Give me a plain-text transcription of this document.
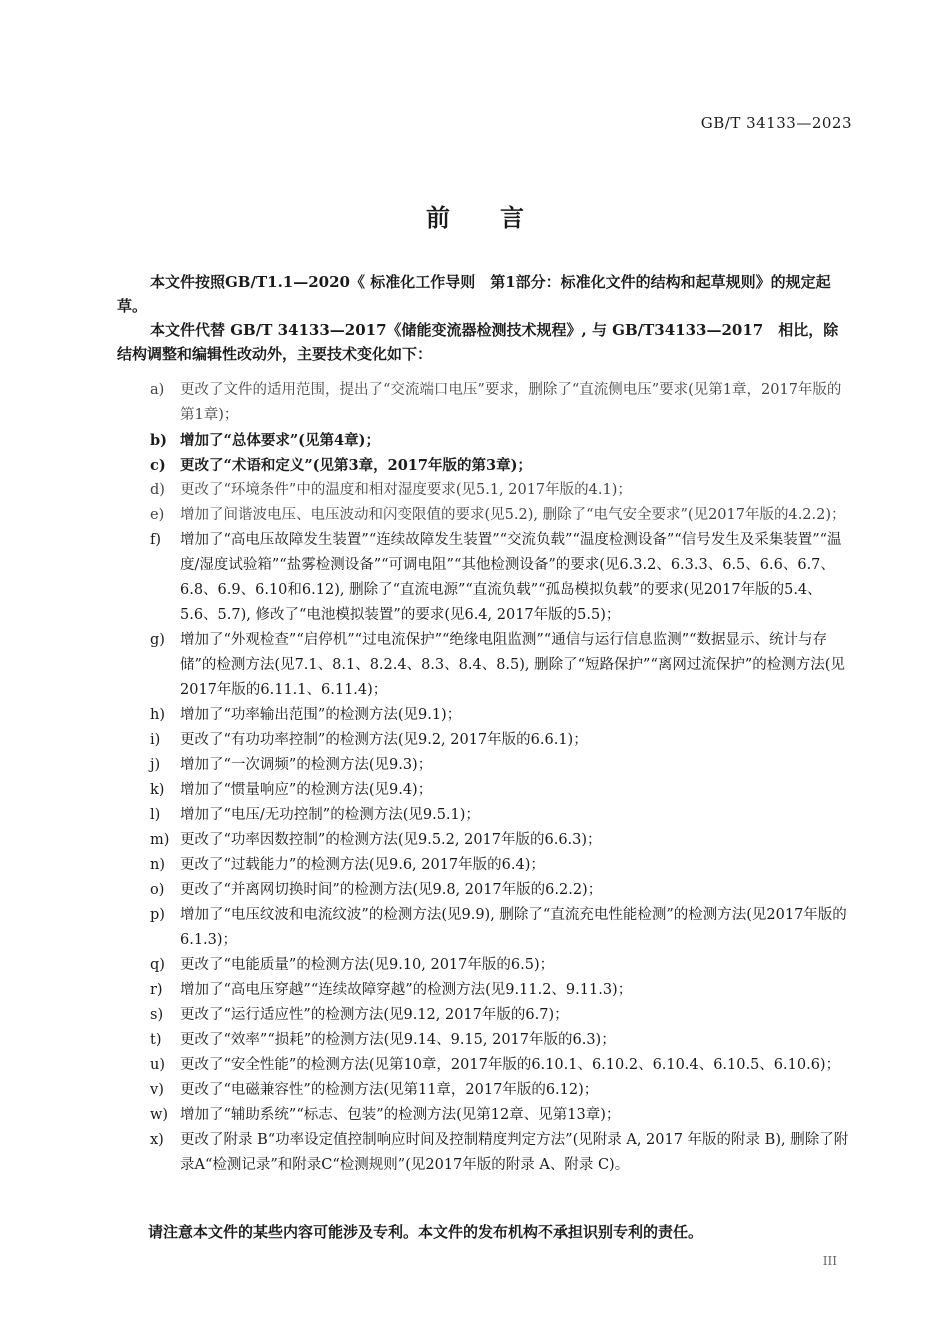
GB/T 34133—2023
前言

本文件按照GB/T1.1—2020《 标准化工作导则　第1部分：标准化文件的结构和起草规则》的规定起草。

本文件代替 GB/T 34133—2017《储能变流器检测技术规程》, 与 GB/T34133—2017　相比，除结构调整和编辑性改动外，主要技术变化如下：

a) 更改了文件的适用范围，提出了“交流端口电压”要求，删除了“直流侧电压”要求(见第1章，2017年版的第1章)；
b) 增加了“总体要求”(见第4章)；
c) 更改了“术语和定义”(见第3章，2017年版的第3章)；
d) 更改了“环境条件”中的温度和相对湿度要求(见5.1, 2017年版的4.1)；
e) 增加了间谐波电压、电压波动和闪变限值的要求(见5.2), 删除了“电气安全要求”(见2017年版的4.2.2)；
f) 增加了“高电压故障发生装置”“连续故障发生装置”“交流负载”“温度检测设备”“信号发生及采集装置”“温度/湿度试验箱”“盐雾检测设备”“可调电阻”“其他检测设备”的要求(见6.3.2、6.3.3、6.5、6.6、6.7、6.8、6.9、6.10和6.12), 删除了“直流电源”“直流负载”“孤岛模拟负载”的要求(见2017年版的5.4、5.6、5.7), 修改了“电池模拟装置”的要求(见6.4, 2017年版的5.5)；
g) 增加了“外观检查”“启停机”“过电流保护”“绝缘电阻监测”“通信与运行信息监测”“数据显示、统计与存储”的检测方法(见7.1、8.1、8.2.4、8.3、8.4、8.5), 删除了“短路保护”“离网过流保护”的检测方法(见2017年版的6.11.1、6.11.4)；
h) 增加了“功率输出范围”的检测方法(见9.1)；
i) 更改了“有功功率控制”的检测方法(见9.2, 2017年版的6.6.1)；
j) 增加了“一次调频”的检测方法(见9.3)；
k) 增加了“惯量响应”的检测方法(见9.4)；
l) 增加了“电压/无功控制”的检测方法(见9.5.1)；
m) 更改了“功率因数控制”的检测方法(见9.5.2, 2017年版的6.6.3)；
n) 更改了“过载能力”的检测方法(见9.6, 2017年版的6.4)；
o) 更改了“并离网切换时间”的检测方法(见9.8, 2017年版的6.2.2)；
p) 增加了“电压纹波和电流纹波”的检测方法(见9.9), 删除了“直流充电性能检测”的检测方法(见2017年版的6.1.3)；
q) 更改了“电能质量”的检测方法(见9.10, 2017年版的6.5)；
r) 增加了“高电压穿越”“连续故障穿越”的检测方法(见9.11.2、9.11.3)；
s) 更改了“运行适应性”的检测方法(见9.12, 2017年版的6.7)；
t) 更改了“效率”“损耗”的检测方法(见9.14、9.15, 2017年版的6.3)；
u) 更改了“安全性能”的检测方法(见第10章，2017年版的6.10.1、6.10.2、6.10.4、6.10.5、6.10.6)；
v) 更改了“电磁兼容性”的检测方法(见第11章，2017年版的6.12)；
w) 增加了“辅助系统”“标志、包装”的检测方法(见第12章、见第13章)；
x) 更改了附录 B“功率设定值控制响应时间及控制精度判定方法”(见附录 A, 2017 年版的附录 B), 删除了附录A“检测记录”和附录C“检测规则”(见2017年版的附录 A、附录 C)。
请注意本文件的某些内容可能涉及专利。本文件的发布机构不承担识别专利的责任。
III
